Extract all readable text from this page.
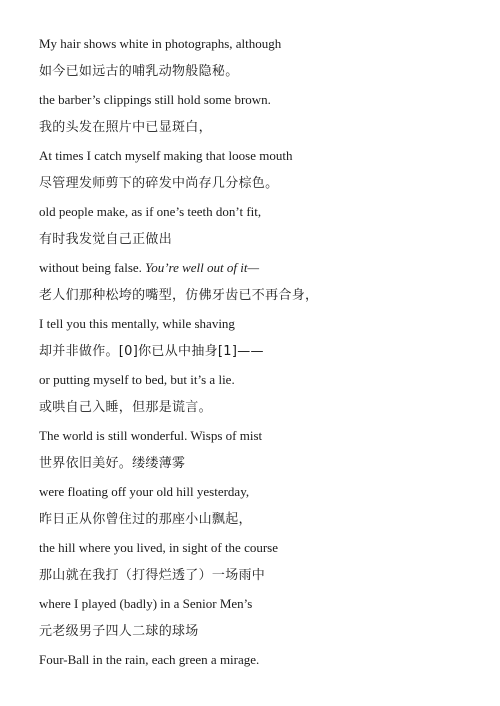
My hair shows white in photographs, although
如今已如远古的哺乳动物般隐秘。
the barber’s clippings still hold some brown.
我的头发在照片中已显斑白，
At times I catch myself making that loose mouth
尽管理发师剪下的碎发中尚存几分棕色。
old people make, as if one’s teeth don’t fit,
有时我发觉自己正做出
without being false. You’re well out of it—
老人们那种松垮的嘴型，仿佛牙齿已不再合身，
I tell you this mentally, while shaving
却并非做作。[0]你已从中抽身[1]——
or putting myself to bed, but it’s a lie.
或哄自己入睡，但那是谎言。
The world is still wonderful. Wisps of mist
世界依旧美好。缕缕薄雾
were floating off your old hill yesterday,
昨日正从你曾住过的那座小山飘起，
the hill where you lived, in sight of the course
那山就在我打（打得烂透了）一场雨中
where I played (badly) in a Senior Men’s
元老级男子四人二球的球场
Four-Ball in the rain, each green a mirage.
